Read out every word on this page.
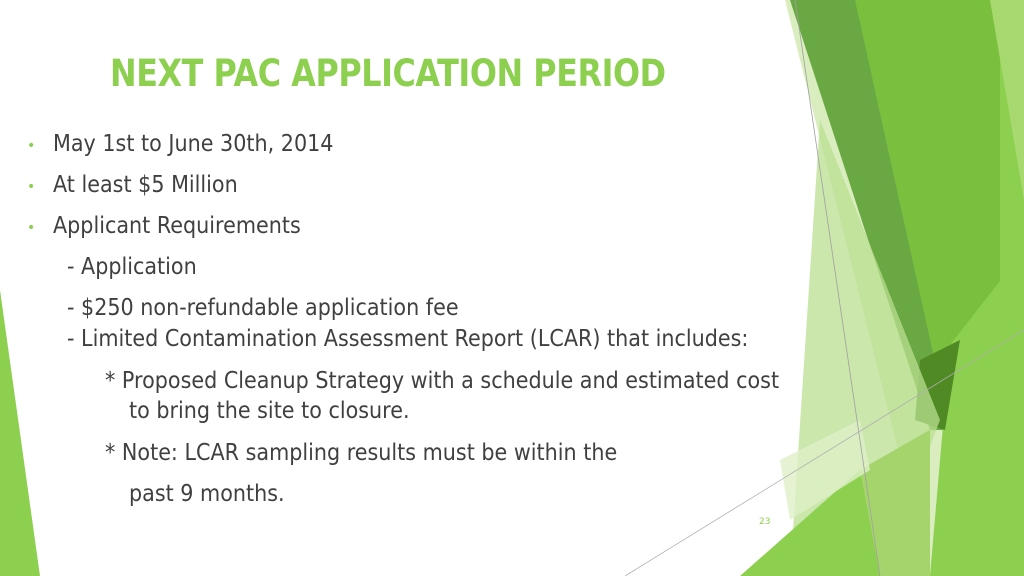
NEXT PAC APPLICATION PERIOD
• May 1st to June 30th, 2014
• At least $5 Million
• Applicant Requirements
- Application
- $250 non-refundable application fee
- Limited Contamination Assessment Report (LCAR) that includes:
* Proposed Cleanup Strategy with a schedule and estimated cost
to bring the site to closure.
* Note: LCAR sampling results must be within the
past 9 months.
23
